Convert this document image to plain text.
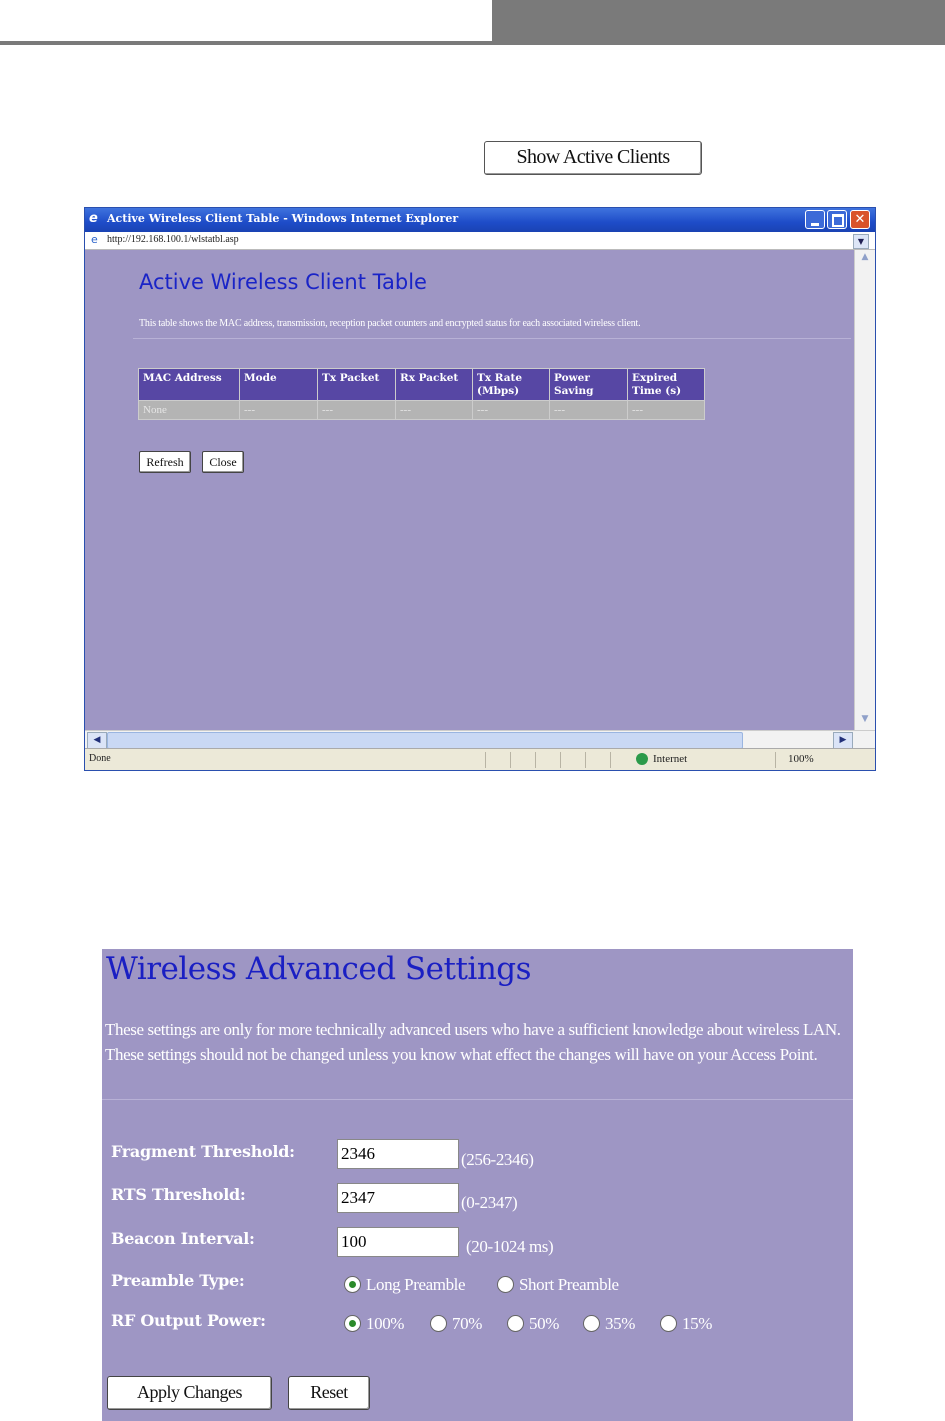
Show Active Clients
e Active Wireless Client Table - Windows Internet Explorer	✕
e http://192.168.100.1/wlstatbl.asp	▼
Active Wireless Client Table
This table shows the MAC address, transmission, reception packet counters and encrypted status for each associated wireless client.
MAC Address	Mode	Tx Packet	Rx Packet	Tx Rate (Mbps)	Power Saving	Expired Time (s)
None	---	---	---	---	---	---
Refresh	Close
▲
▼
◀	▶
Done	Internet	100%
Wireless Advanced Settings
These settings are only for more technically advanced users who have a sufficient knowledge about wireless LAN. These settings should not be changed unless you know what effect the changes will have on your Access Point.
Fragment Threshold:
2346	(256-2346)
RTS Threshold:
2347	(0-2347)
Beacon Interval:
100	(20-1024 ms)
Preamble Type:	Long Preamble	Short Preamble
RF Output Power:	100%	70%	50%	35%	15%
Apply Changes	Reset
